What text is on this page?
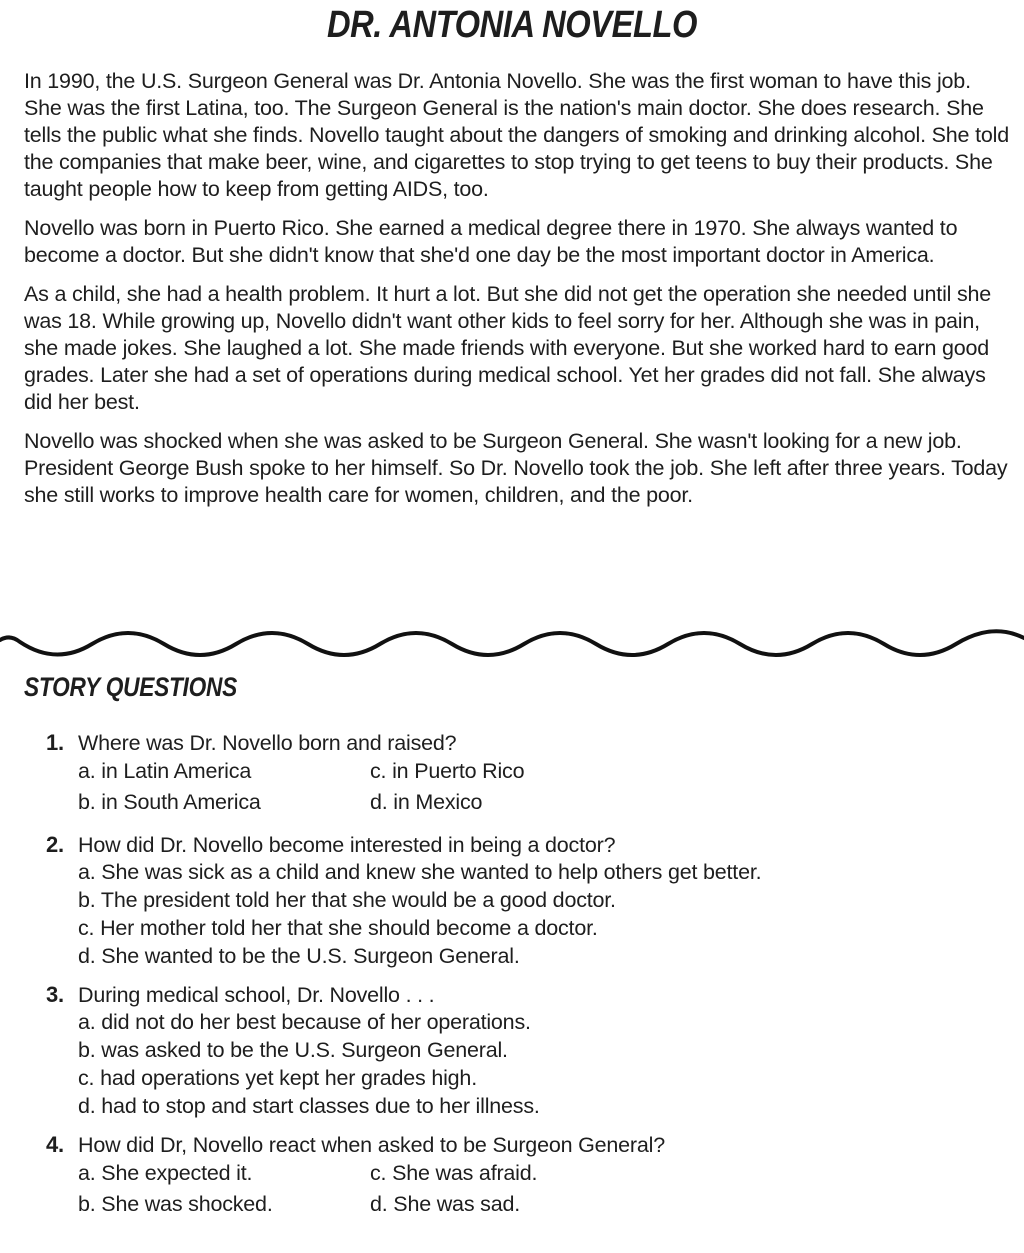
DR. ANTONIA NOVELLO

In 1990, the U.S. Surgeon General was Dr. Antonia Novello. She was the first woman to have this job. She was the first Latina, too. The Surgeon General is the nation's main doctor. She does research. She tells the public what she finds. Novello taught about the dangers of smoking and drinking alcohol. She told the companies that make beer, wine, and cigarettes to stop trying to get teens to buy their products. She taught people how to keep from getting AIDS, too.

Novello was born in Puerto Rico. She earned a medical degree there in 1970. She always wanted to become a doctor. But she didn't know that she'd one day be the most important doctor in America.

As a child, she had a health problem. It hurt a lot. But she did not get the operation she needed until she was 18. While growing up, Novello didn't want other kids to feel sorry for her. Although she was in pain, she made jokes. She laughed a lot. She made friends with everyone. But she worked hard to earn good grades. Later she had a set of operations during medical school. Yet her grades did not fall. She always did her best.

Novello was shocked when she was asked to be Surgeon General. She wasn't looking for a new job. President George Bush spoke to her himself. So Dr. Novello took the job. She left after three years. Today she still works to improve health care for women, children, and the poor.

STORY QUESTIONS
1. Where was Dr. Novello born and raised?
a. in Latin America	c. in Puerto Rico
b. in South America	d. in Mexico
2. How did Dr. Novello become interested in being a doctor?
a. She was sick as a child and knew she wanted to help others get better.
b. The president told her that she would be a good doctor.
c. Her mother told her that she should become a doctor.
d. She wanted to be the U.S. Surgeon General.
3. During medical school, Dr. Novello . . .
a. did not do her best because of her operations.
b. was asked to be the U.S. Surgeon General.
c. had operations yet kept her grades high.
d. had to stop and start classes due to her illness.
4. How did Dr, Novello react when asked to be Surgeon General?
a. She expected it.	c. She was afraid.
b. She was shocked.	d. She was sad.
